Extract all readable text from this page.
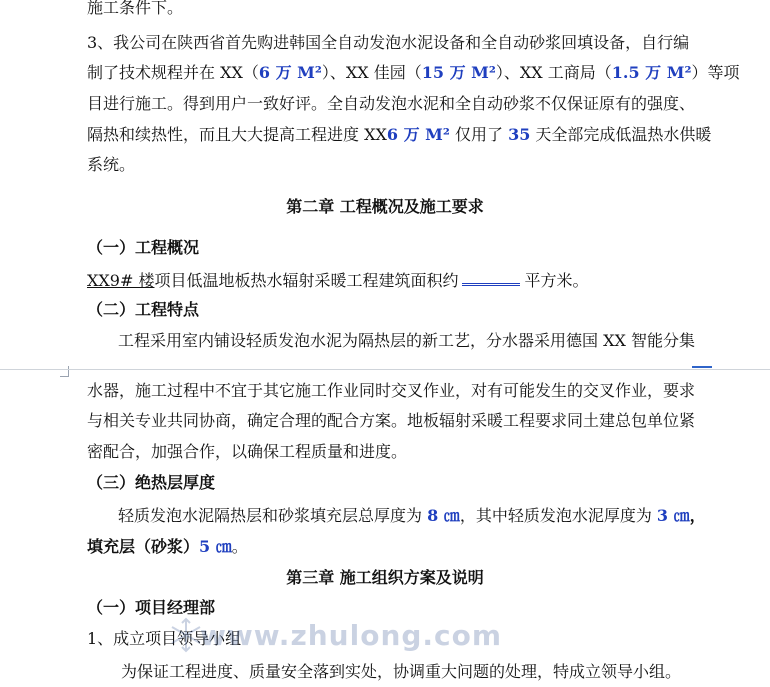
施工条件下。
3、我公司在陕西省首先购进韩国全自动发泡水泥设备和全自动砂浆回填设备，自行编
制了技术规程并在 XX（6 万 M²）、XX 佳园（15 万 M²）、XX 工商局（1.5 万 M²）等项
目进行施工。得到用户一致好评。全自动发泡水泥和全自动砂浆不仅保证原有的强度、
隔热和续热性，而且大大提高工程进度 XX6 万 M² 仅用了 35 天全部完成低温热水供暖
系统。
第二章 工程概况及施工要求
（一）工程概况
XX9# 楼项目低温地板热水辐射采暖工程建筑面积约	平方米。
（二）工程特点
工程采用室内铺设轻质发泡水泥为隔热层的新工艺，分水器采用德国 XX 智能分集
水器，施工过程中不宜于其它施工作业同时交叉作业，对有可能发生的交叉作业，要求
与相关专业共同协商，确定合理的配合方案。地板辐射采暖工程要求同土建总包单位紧
密配合，加强合作，以确保工程质量和进度。
（三）绝热层厚度
轻质发泡水泥隔热层和砂浆填充层总厚度为 8 ㎝，其中轻质发泡水泥厚度为 3 ㎝，
填充层（砂浆）5 ㎝。
第三章 施工组织方案及说明
（一）项目经理部
1、成立项目领导小组
为保证工程进度、质量安全落到实处，协调重大问题的处理，特成立领导小组。
www.zhulong.com
